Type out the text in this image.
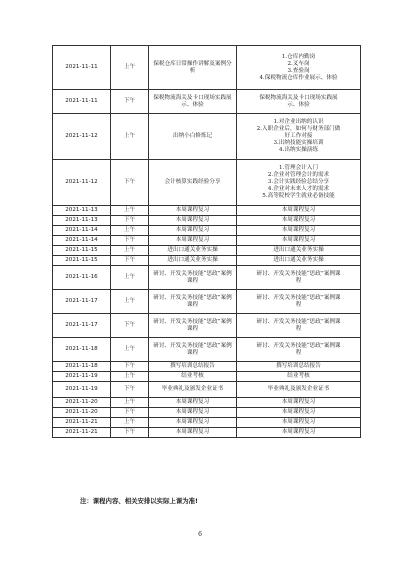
2021-11-11	上午	保税仓库日常操作讲解及案例分析	1.仓库内勤岗
2.叉车岗
3.查验岗
4.保税物流仓库作业展示、体验

2021-11-11	下午	保税物流海关及卡口现场实践展示、体验	保税物流海关及卡口现场实践展
示、体验

2021-11-12	上午	出纳小白修炼记	1.对企业出纳的认识
2.入职企业后，如何与财务部门做
好工作对接
3.出纳技能实操培训
4.出纳实操演练

2021-11-12	下午	会计核算实践经验分享	1.管理会计入门
2.企业对管理会计的需求
3.会计实践经验总结分享
4.企业对未来人才的需求
5.高等院校学生就业必备技能

2021-11-13	上午	本周课程复习	本周课程复习

2021-11-13	下午	本周课程复习	本周课程复习

2021-11-14	上午	本周课程复习	本周课程复习

2021-11-14	下午	本周课程复习	本周课程复习

2021-11-15	上午	进出口通关业务实操	进出口通关业务实操

2021-11-15	下午	进出口通关业务实操	进出口通关业务实操

2021-11-16	上午	研讨、开发关务技能“思政”案例课程	研讨、开发关务技能“思政”案例课
程

2021-11-17	上午	研讨、开发关务技能“思政”案例课程	研讨、开发关务技能“思政”案例课
程

2021-11-17	下午	研讨、开发关务技能“思政”案例课程	研讨、开发关务技能“思政”案例课
程

2021-11-18	上午	研讨、开发关务技能“思政”案例课程	研讨、开发关务技能“思政”案例课
程

2021-11-18	下午	撰写培训总结报告	撰写培训总结报告

2021-11-19	上午	结业考核	结业考核

2021-11-19	下午	毕业典礼及颁发企业证书	毕业典礼及颁发企业证书

2021-11-20	上午	本周课程复习	本周课程复习

2021-11-20	下午	本周课程复习	本周课程复习

2021-11-21	上午	本周课程复习	本周课程复习

2021-11-21	下午	本周课程复习	本周课程复习
注：课程内容、相关安排以实际上课为准!
6
